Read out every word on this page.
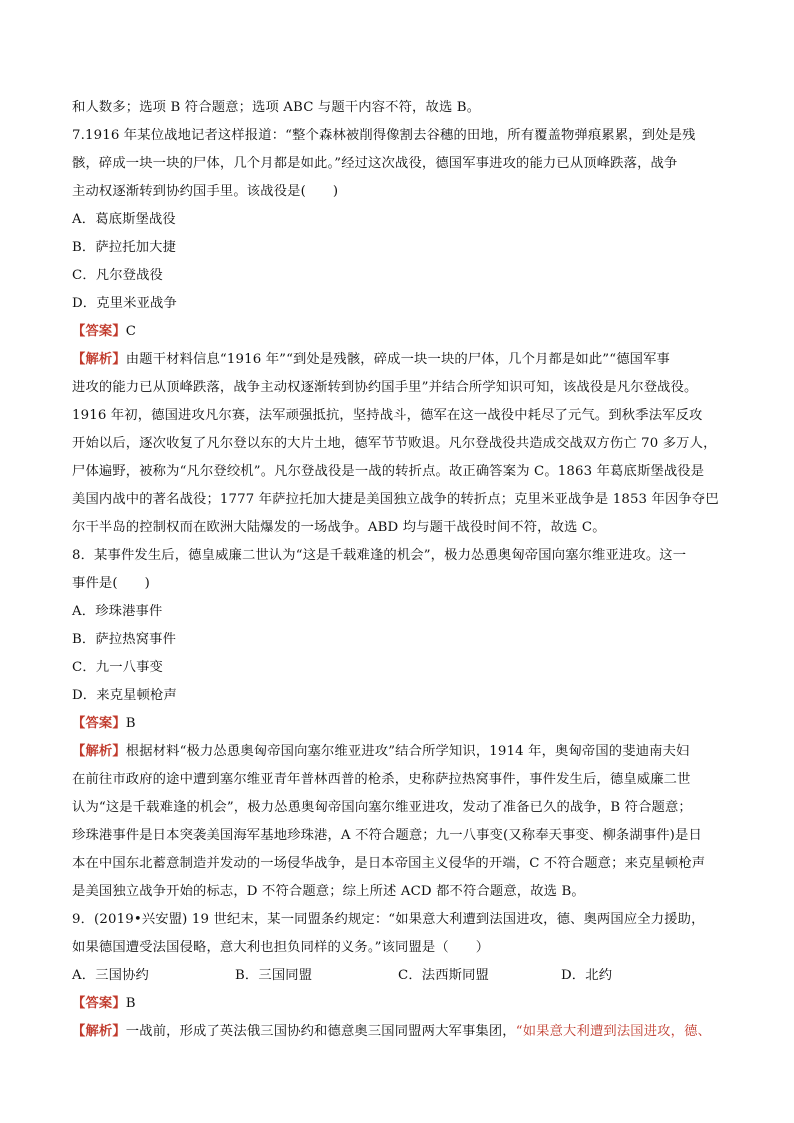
和人数多；选项 B 符合题意；选项 ABC 与题干内容不符，故选 B。
7.1916 年某位战地记者这样报道：“整个森林被削得像割去谷穗的田地，所有覆盖物弹痕累累，到处是残
骸，碎成一块一块的尸体，几个月都是如此。”经过这次战役，德国军事进攻的能力已从顶峰跌落，战争
主动权逐渐转到协约国手里。该战役是(　　)
A．葛底斯堡战役
B．萨拉托加大捷
C．凡尔登战役
D．克里米亚战争
【答案】C
【解析】由题干材料信息“1916 年”“到处是残骸，碎成一块一块的尸体，几个月都是如此”“德国军事
进攻的能力已从顶峰跌落，战争主动权逐渐转到协约国手里”并结合所学知识可知，该战役是凡尔登战役。
1916 年初，德国进攻凡尔赛，法军顽强抵抗，坚持战斗，德军在这一战役中耗尽了元气。到秋季法军反攻
开始以后，逐次收复了凡尔登以东的大片土地，德军节节败退。凡尔登战役共造成交战双方伤亡 70 多万人，
尸体遍野，被称为“凡尔登绞机”。凡尔登战役是一战的转折点。故正确答案为 C。1863 年葛底斯堡战役是
美国内战中的著名战役；1777 年萨拉托加大捷是美国独立战争的转折点；克里米亚战争是 1853 年因争夺巴
尔干半岛的控制权而在欧洲大陆爆发的一场战争。ABD 均与题干战役时间不符，故选 C。
8．某事件发生后，德皇威廉二世认为“这是千载难逢的机会”，极力怂恿奥匈帝国向塞尔维亚进攻。这一
事件是(　　)
A．珍珠港事件
B．萨拉热窝事件
C．九一八事变
D．来克星顿枪声
【答案】B
【解析】根据材料“极力怂恿奥匈帝国向塞尔维亚进攻”结合所学知识，1914 年，奥匈帝国的斐迪南夫妇
在前往市政府的途中遭到塞尔维亚青年普林西普的枪杀，史称萨拉热窝事件，事件发生后，德皇威廉二世
认为“这是千载难逢的机会”，极力怂恿奥匈帝国向塞尔维亚进攻，发动了准备已久的战争，B 符合题意；
珍珠港事件是日本突袭美国海军基地珍珠港，A 不符合题意；九一八事变(又称奉天事变、柳条湖事件)是日
本在中国东北蓄意制造并发动的一场侵华战争，是日本帝国主义侵华的开端，C 不符合题意；来克星顿枪声
是美国独立战争开始的标志，D 不符合题意；综上所述 ACD 都不符合题意，故选 B。
9．(2019•兴安盟) 19 世纪末，某一同盟条约规定：“如果意大利遭到法国进攻，德、奥两国应全力援助，
如果德国遭受法国侵略，意大利也担负同样的义务。”该同盟是（　　）
A．三国协约	B．三国同盟	C．法西斯同盟	D．北约
【答案】B
【解析】一战前，形成了英法俄三国协约和德意奥三国同盟两大军事集团，“如果意大利遭到法国进攻，德、
